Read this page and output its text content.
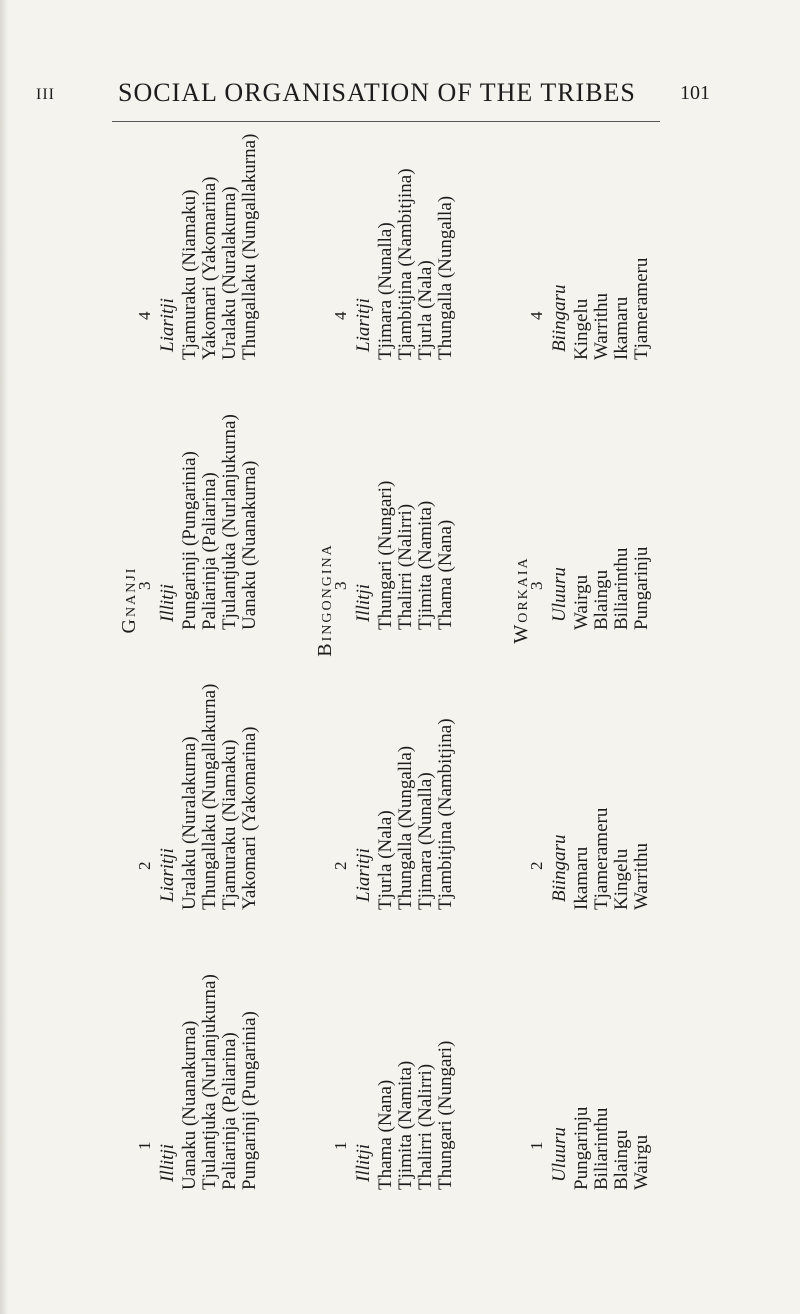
III SOCIAL ORGANISATION OF THE TRIBES 101
Gnanji
1 Illitji Uanaku (Nuanakurna) Tjulantjuka (Nurlanjukurna) Paliarinja (Paliarina) Pungarinji (Pungarinia)
2 Liaritji Uralaku (Nuralakurna) Thungallaku (Nungallakurna) Tjamuraku (Niamaku) Yakomari (Yakomarina)
3 Illitji Pungarinji (Pungarinia) Paliarinja (Paliarina) Tjulantjuka (Nurlanjukurna) Uanaku (Nuanakurna)
4 Liaritji Tjamuraku (Niamaku) Yakomari (Yakomarina) Uralaku (Nuralakurna) Thungallaku (Nungallakurna)
Bingongina
1 Illitji Thama (Nana) Tjimita (Namita) Thalirri (Nalirri) Thungari (Nungari)
2 Liaritji Tjurla (Nala) Thungalla (Nungalla) Tjimara (Nunalla) Tjambitjina (Nambitjina)
3 Illitji Thungari (Nungari) Thalirri (Nalirri) Tjimita (Namita) Thama (Nana)
4 Liaritji Tjimara (Nunalla) Tjambitjina (Nambitjina) Tjurla (Nala) Thungalla (Nungalla)
Workaia
1 Uluuru Pungarinju Biliarinthu Blaingu Wairgu
2 Biingaru Ikamaru Tjameramеru Kingelu Warrithu
3 Uluuru Wairgu Blaingu Biliarinthu Pungarinju
4 Biingaru Kingelu Warrithu Ikamaru Tjameramеru
